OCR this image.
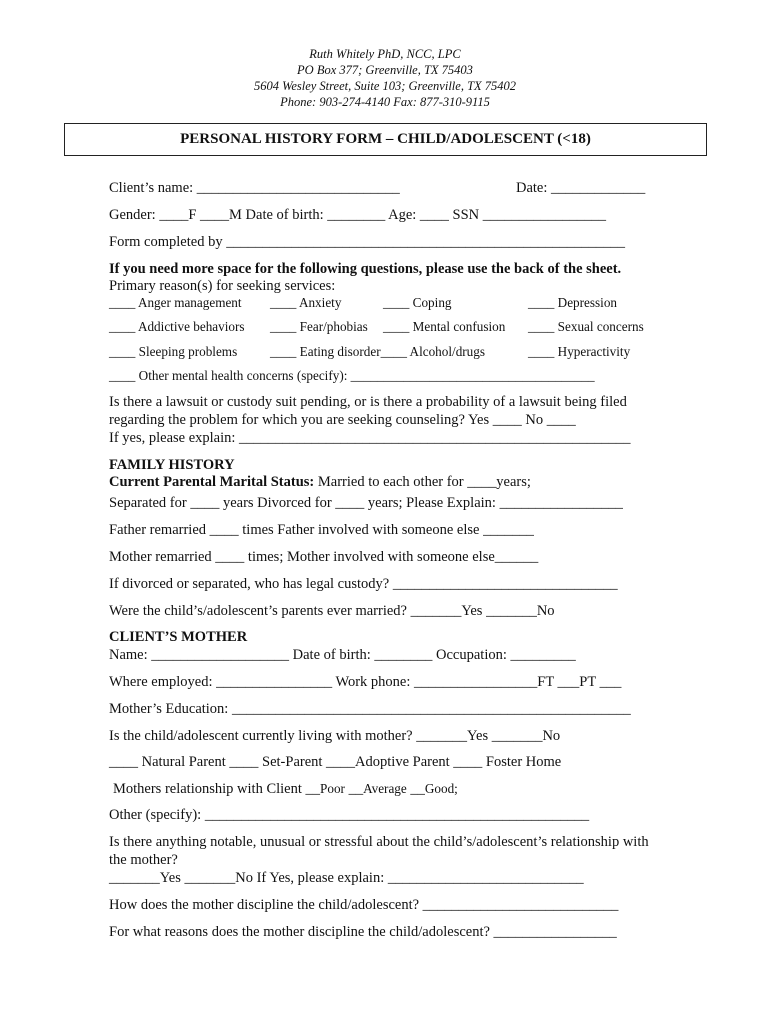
Ruth Whitely PhD, NCC, LPC
PO Box 377; Greenville, TX 75403
5604 Wesley Street, Suite 103; Greenville, TX 75402
Phone: 903-274-4140 Fax: 877-310-9115
PERSONAL HISTORY FORM – CHILD/ADOLESCENT (<18)
Client’s name: ____________________________	Date: _____________
Gender: ____F ____M Date of birth: ________ Age: ____ SSN _________________
Form completed by _______________________________________________________
If you need more space for the following questions, please use the back of the sheet.
Primary reason(s) for seeking services:
____ Anger management ____ Anxiety	____ Coping	____ Depression
____ Addictive behaviors ____ Fear/phobias ____ Mental confusion ____ Sexual concerns
____ Sleeping problems ____ Eating disorder____ Alcohol/drugs	____ Hyperactivity
____ Other mental health concerns (specify): _____________________________________
Is there a lawsuit or custody suit pending, or is there a probability of a lawsuit being filed
regarding the problem for which you are seeking counseling? Yes ____ No ____
If yes, please explain: ______________________________________________________
FAMILY HISTORY
Current Parental Marital Status: Married to each other for ____years;
Separated for ____ years Divorced for ____ years; Please Explain: _________________
Father remarried ____ times Father involved with someone else _______
Mother remarried ____ times; Mother involved with someone else______
If divorced or separated, who has legal custody? _______________________________
Were the child’s/adolescent’s parents ever married? _______Yes _______No
CLIENT’S MOTHER
Name: ___________________ Date of birth: ________ Occupation: _________
Where employed: ________________ Work phone: _________________FT ___PT ___
Mother’s Education: _______________________________________________________
Is the child/adolescent currently living with mother? _______Yes _______No
____ Natural Parent ____ Set-Parent ____Adoptive Parent ____ Foster Home
Mothers relationship with Client __Poor __Average __Good;
Other (specify): _____________________________________________________
Is there anything notable, unusual or stressful about the child’s/adolescent’s relationship with
the mother?
_______Yes _______No If Yes, please explain: ___________________________
How does the mother discipline the child/adolescent? ___________________________
For what reasons does the mother discipline the child/adolescent? _________________
